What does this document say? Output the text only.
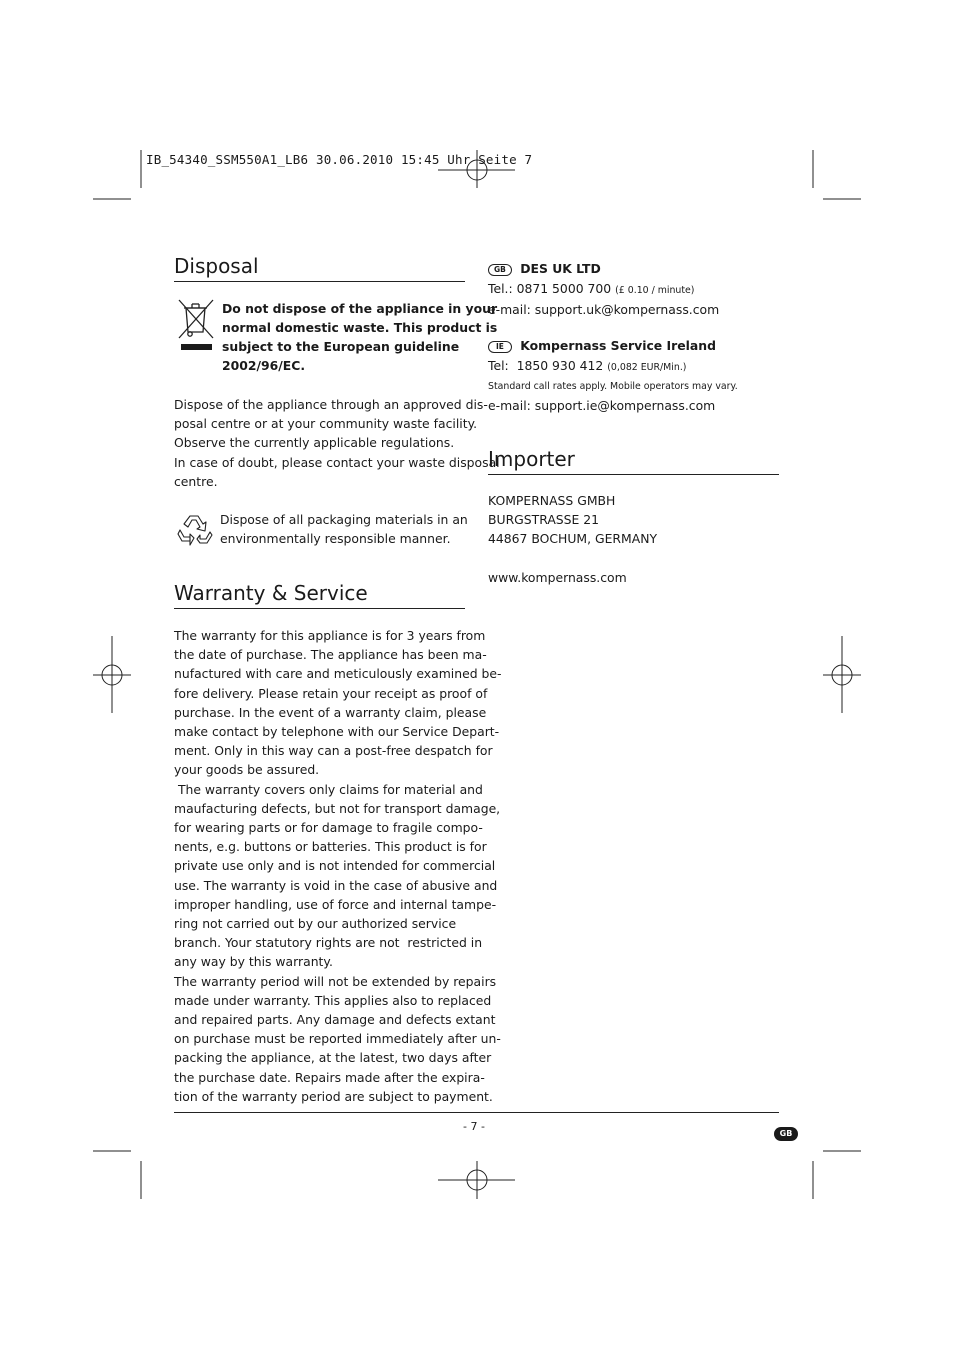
IB_54340_SSM550A1_LB6 30.06.2010 15:45 Uhr Seite 7
Disposal
Do not dispose of the appliance in your
normal domestic waste. This product is
subject to the European guideline
2002/96/EC.
Dispose of the appliance through an approved dis-
posal centre or at your community waste facility.
Observe the currently applicable regulations.
In case of doubt, please contact your waste disposal
centre.
Dispose of all packaging materials in an
environmentally responsible manner.
Warranty & Service
The warranty for this appliance is for 3 years from
the date of purchase. The appliance has been ma-
nufactured with care and meticulously examined be-
fore delivery. Please retain your receipt as proof of
purchase. In the event of a warranty claim, please
make contact by telephone with our Service Depart-
ment. Only in this way can a post-free despatch for
your goods be assured.
The warranty covers only claims for material and
maufacturing defects, but not for transport damage,
for wearing parts or for damage to fragile compo-
nents, e.g. buttons or batteries. This product is for
private use only and is not intended for commercial
use. The warranty is void in the case of abusive and
improper handling, use of force and internal tampe-
ring not carried out by our authorized service
branch. Your statutory rights are not  restricted in
any way by this warranty.
The warranty period will not be extended by repairs
made under warranty. This applies also to replaced
and repaired parts. Any damage and defects extant
on purchase must be reported immediately after un-
packing the appliance, at the latest, two days after
the purchase date. Repairs made after the expira-
tion of the warranty period are subject to payment.
GB DES UK LTD
Tel.: 0871 5000 700 (£ 0.10 / minute)
e-mail: support.uk@kompernass.com
IE Kompernass Service Ireland
Tel:  1850 930 412 (0,082 EUR/Min.)
Standard call rates apply. Mobile operators may vary.
e-mail: support.ie@kompernass.com
Importer
KOMPERNASS GMBH
BURGSTRASSE 21
44867 BOCHUM, GERMANY
www.kompernass.com
- 7 -
GB
